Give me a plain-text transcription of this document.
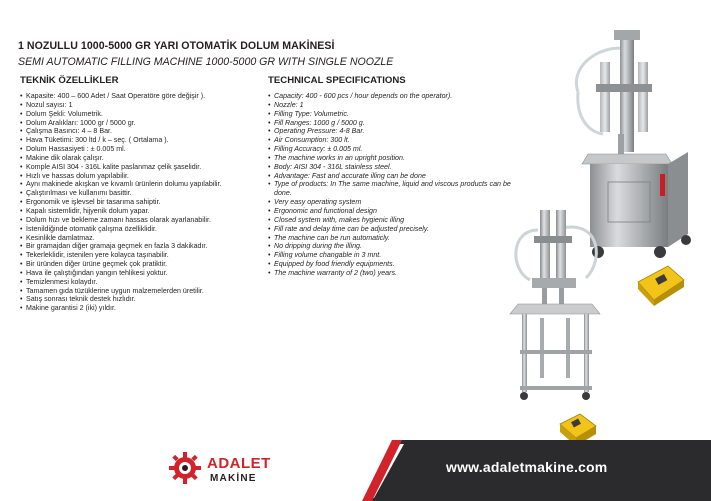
1 NOZULLU 1000-5000 GR YARI OTOMATİK DOLUM MAKİNESİ
SEMI AUTOMATIC FILLING MACHINE 1000-5000 GR WITH SINGLE NOOZLE
TEKNİK ÖZELLİKLER	TECHNICAL SPECIFICATIONS
• Kapasite: 400 – 600 Adet / Saat Operatöre göre değişir ).
• Nozul sayısı: 1
• Dolum Şekli: Volumetrik.
• Dolum Aralıkları: 1000 gr / 5000 gr.
• Çalışma Basıncı: 4 – 8 Bar.
• Hava Tüketimi: 300 ltd / k – seç. ( Ortalama ).
• Dolum Hassasiyeti : ± 0.005 ml.
• Makine dik olarak çalışır.
• Komple AISI 304 - 316L kalite paslanmaz çelik şaselidir.
• Hızlı ve hassas dolum yapılabilir.
• Aynı makinede akışkan ve kıvamlı ürünlerin dolumu yapılabilir.
• Çalıştırılması ve kullanımı basittir.
• Ergonomik ve işlevsel bir tasarıma sahiptir.
• Kapalı sistemlidir, hijyenik dolum yapar.
• Dolum hızı ve bekleme zamanı hassas olarak ayarlanabilir.
• İstenildiğinde otomatik çalışma özelliklidir.
• Kesinlikle damlatmaz.
• Bir gramajdan diğer gramaja geçmek en fazla 3 dakikadır.
• Tekerleklidir, istenilen yere kolayca taşınabilir.
• Bir üründen diğer ürüne geçmek çok pratiktir.
• Hava ile çalıştığından yangın tehlikesi yoktur.
• Temizlenmesi kolaydır.
• Tamamen gıda tüzüklerine uygun malzemelerden üretilir.
• Satış sonrası teknik destek hızlıdır.
• Makine garantisi 2 (iki) yıldır.
• Capacity: 400 - 600 pcs / hour depends on the operator).
• Nozzle: 1
• Filling Type: Volumetric.
• Fill Ranges: 1000 g / 5000 g.
• Operating Pressure: 4-8 Bar.
• Air Consumption: 300 lt.
• Filling Accuracy: ± 0.005 ml.
• The machine works in an upright position.
• Body: AISI 304 - 316L stainless steel.
• Advantage: Fast and accurate illing can be done
• Type of products: In The same machine, liquid and viscous products can be done.
• Very easy operating system
• Ergonomic and functional design
• Closed system with, makes hygienic illing
• Fill rate and delay time can be adjusted precisely.
• The machine can be run automaticly.
• No dripping during the illing.
• Filling volume changable in 3 mnt.
• Equipped by food friendly equipments.
• The machine warranty of 2 (two) years.
ADALET
MAKİNE
www.adaletmakine.com
